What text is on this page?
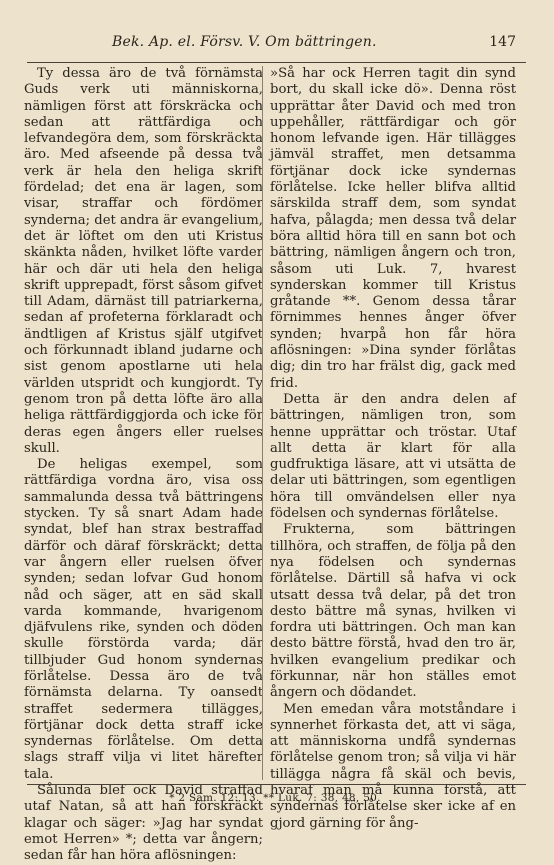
Bek. Ap. el. Försv. V. Om bättringen.	147

Ty dessa äro de två förnämsta Guds verk uti människorna, nämligen först att förskräcka och sedan att rättfärdiga och lefvandegöra dem, som förskräckta äro. Med afseende på dessa två verk är hela den heliga skrift fördelad; det ena är lagen, som visar, straffar och fördömer synderna; det andra är evangelium, det är löftet om den uti Kristus skänkta nåden, hvilket löfte varder här och där uti hela den heliga skrift upprepadt, först såsom gifvet till Adam, därnäst till patriarkerna, sedan af profeterna förklaradt och ändtligen af Kristus själf utgifvet och förkunnadt ibland judarne och sist genom apostlarne uti hela världen utspridt och kungjordt. Ty genom tron på detta löfte äro alla heliga rättfärdiggjorda och icke för deras egen ångers eller ruelses skull.

De heligas exempel, som rättfärdiga vordna äro, visa oss sammalunda dessa två bättringens stycken. Ty så snart Adam hade syndat, blef han strax bestraffad därför och däraf förskräckt; detta var ångern eller ruelsen öfver synden; sedan lofvar Gud honom nåd och säger, att en säd skall varda kommande, hvarigenom djäfvulens rike, synden och döden skulle förstörda varda; där tillbjuder Gud honom syndernas förlåtelse. Dessa äro de två förnämsta delarna. Ty oansedt straffet sedermera tillägges, förtjänar dock detta straff icke syndernas förlåtelse. Om detta slags straff vilja vi litet härefter tala.

Sålunda blef ock David straffad utaf Natan, så att han förskräckt klagar och säger: »Jag har syndat emot Herren» *; detta var ångern; sedan får han höra aflösningen:

»Så har ock Herren tagit din synd bort, du skall icke dö». Denna röst upprättar åter David och med tron uppehåller, rättfärdigar och gör honom lefvande igen. Här tillägges jämväl straffet, men detsamma förtjänar dock icke syndernas förlåtelse. Icke heller blifva alltid särskilda straff dem, som syndat hafva, pålagda; men dessa två delar böra alltid höra till en sann bot och bättring, nämligen ångern och tron, såsom uti Luk. 7, hvarest synderskan kommer till Kristus gråtande **. Genom dessa tårar förnimmes hennes ånger öfver synden; hvarpå hon får höra aflösningen: »Dina synder förlåtas dig; din tro har frälst dig, gack med frid.

Detta är den andra delen af bättringen, nämligen tron, som henne upprättar och tröstar. Utaf allt detta är klart för alla gudfruktiga läsare, att vi utsätta de delar uti bättringen, som egentligen höra till omvändelsen eller nya födelsen och syndernas förlåtelse.

Frukterna, som bättringen tillhöra, och straffen, de följa på den nya födelsen och syndernas förlåtelse. Därtill så hafva vi ock utsatt dessa två delar, på det tron desto bättre må synas, hvilken vi fordra uti bättringen. Och man kan desto bättre förstå, hvad den tro är, hvilken evangelium predikar och förkunnar, när hon ställes emot ångern och dödandet.

Men emedan våra motståndare i synnerhet förkasta det, att vi säga, att människorna undfå syndernas förlåtelse genom tron; så vilja vi här tillägga några få skäl och bevis, hvaraf man må kunna förstå, att syndernas förlåtelse sker icke af en gjord gärning för ång-

* 2 Sam. 12: 13. ** Luk. 7: 38, 48, 50.
